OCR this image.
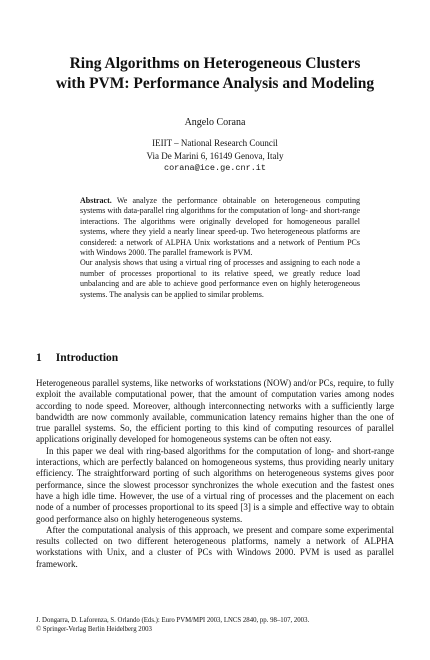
Ring Algorithms on Heterogeneous Clusters
with PVM: Performance Analysis and Modeling
Angelo Corana
IEIIT – National Research Council
Via De Marini 6, 16149 Genova, Italy
corana@ice.ge.cnr.it

Abstract. We analyze the performance obtainable on heterogeneous computing systems with data-parallel ring algorithms for the computation of long- and short-range interactions. The algorithms were originally developed for homogeneous parallel systems, where they yield a nearly linear speed-up. Two heterogeneous platforms are considered: a network of ALPHA Unix workstations and a network of Pentium PCs with Windows 2000. The parallel framework is PVM.

Our analysis shows that using a virtual ring of processes and assigning to each node a number of processes proportional to its relative speed, we greatly reduce load unbalancing and are able to achieve good performance even on highly heterogeneous systems. The analysis can be applied to similar problems.

1 Introduction

Heterogeneous parallel systems, like networks of workstations (NOW) and/or PCs, require, to fully exploit the available computational power, that the amount of computation varies among nodes according to node speed. Moreover, although interconnecting networks with a sufficiently large bandwidth are now commonly available, communication latency remains higher than the one of true parallel systems. So, the efficient porting to this kind of computing resources of parallel applications originally developed for homogeneous systems can be often not easy.

In this paper we deal with ring-based algorithms for the computation of long- and short-range interactions, which are perfectly balanced on homogeneous systems, thus providing nearly unitary efficiency. The straightforward porting of such algorithms on heterogeneous systems gives poor performance, since the slowest processor synchronizes the whole execution and the fastest ones have a high idle time. However, the use of a virtual ring of processes and the placement on each node of a number of processes proportional to its speed [3] is a simple and effective way to obtain good performance also on highly heterogeneous systems.

After the computational analysis of this approach, we present and compare some experimental results collected on two different heterogeneous platforms, namely a network of ALPHA workstations with Unix, and a cluster of PCs with Windows 2000. PVM is used as parallel framework.

J. Dongarra, D. Laforenza, S. Orlando (Eds.): Euro PVM/MPI 2003, LNCS 2840, pp. 98–107, 2003.
© Springer-Verlag Berlin Heidelberg 2003
